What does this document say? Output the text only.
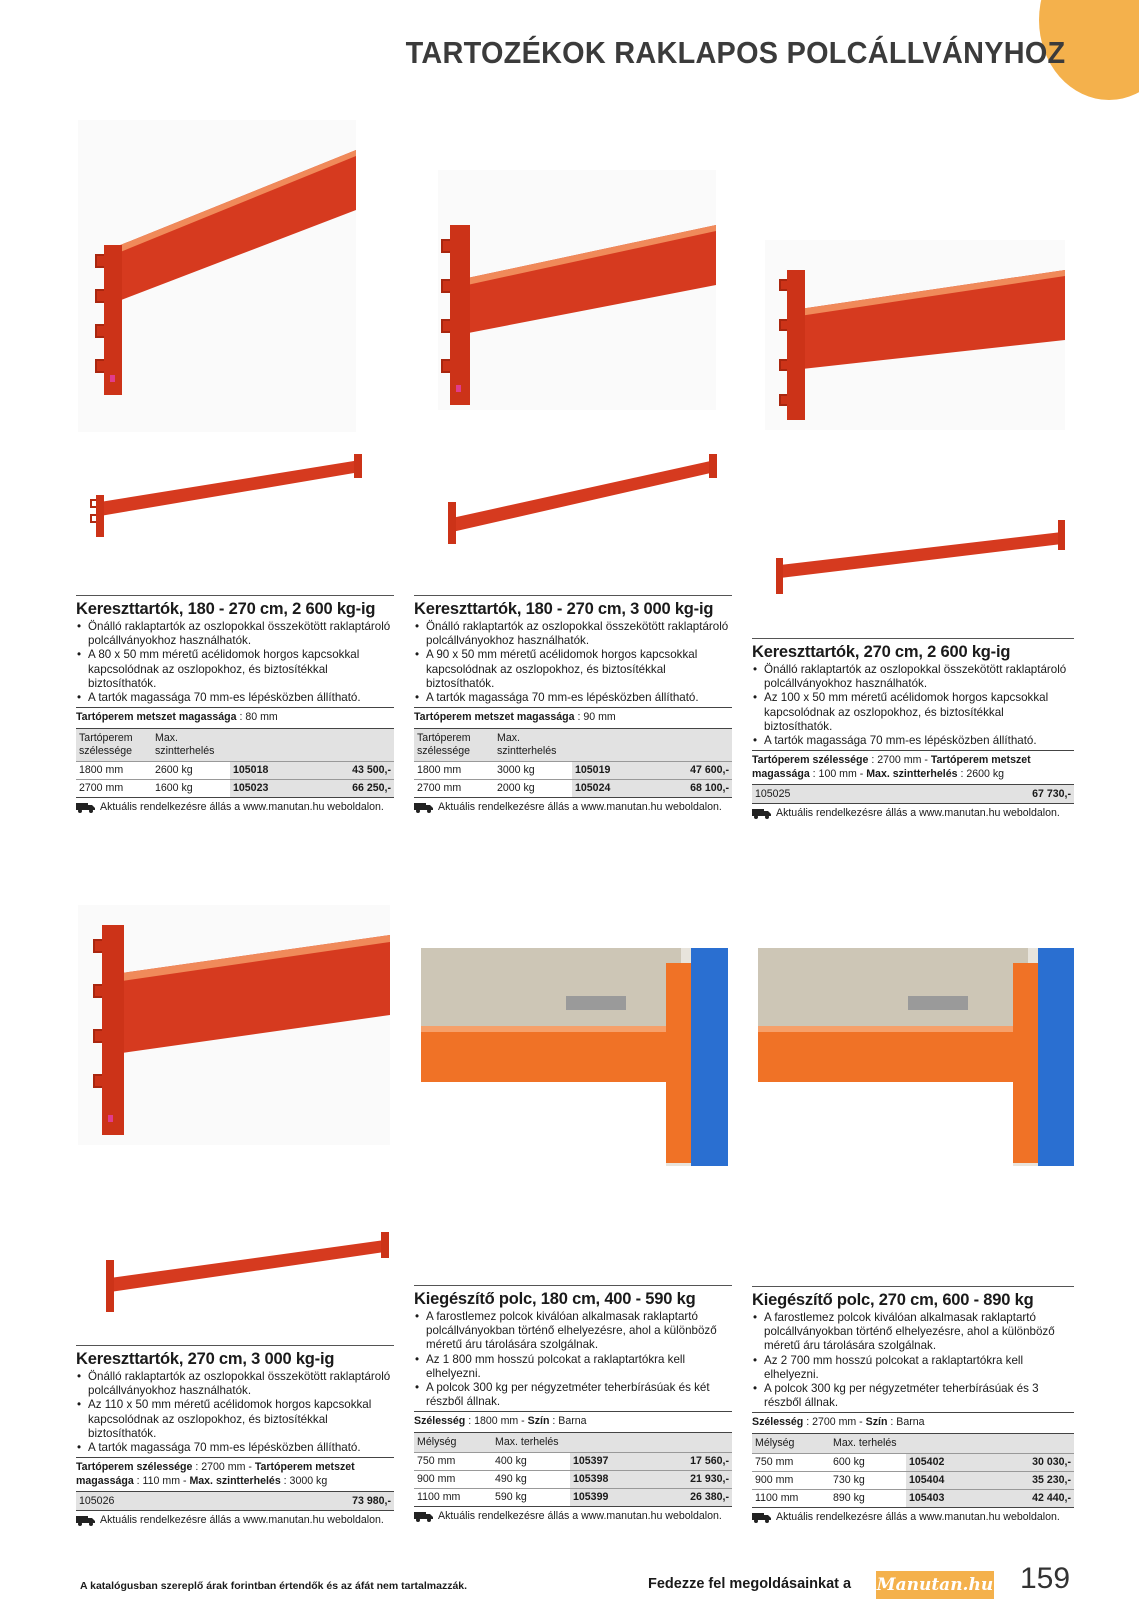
TARTOZÉKOK RAKLAPOS POLCÁLLVÁNYHOZ
Kereszttartók, 180 - 270 cm, 2 600 kg-ig
• Önálló raklaptartók az oszlopokkal összekötött raklaptároló polcállványokhoz használhatók.
• A 80 x 50 mm méretű acélidomok horgos kapcsokkal kapcsolódnak az oszlopokhoz, és biztosítékkal biztosíthatók.
• A tartók magassága 70 mm-es lépésközben állítható.
Tartóperem metszet magassága : 80 mm
Tartóperem szélessége	Max. szintterhelés		
1800 mm	2600 kg	105018	43 500,-
2700 mm	1600 kg	105023	66 250,-
Aktuális rendelkezésre állás a www.manutan.hu weboldalon.
Kereszttartók, 180 - 270 cm, 3 000 kg-ig
• Önálló raklaptartók az oszlopokkal összekötött raklaptároló polcállványokhoz használhatók.
• A 90 x 50 mm méretű acélidomok horgos kapcsokkal kapcsolódnak az oszlopokhoz, és biztosítékkal biztosíthatók.
• A tartók magassága 70 mm-es lépésközben állítható.
Tartóperem metszet magassága : 90 mm
Tartóperem szélessége	Max. szintterhelés		
1800 mm	3000 kg	105019	47 600,-
2700 mm	2000 kg	105024	68 100,-
Aktuális rendelkezésre állás a www.manutan.hu weboldalon.
Kereszttartók, 270 cm, 2 600 kg-ig
• Önálló raklaptartók az oszlopokkal összekötött raklaptároló polcállványokhoz használhatók.
• Az 100 x 50 mm méretű acélidomok horgos kapcsokkal kapcsolódnak az oszlopokhoz, és biztosítékkal biztosíthatók.
• A tartók magassága 70 mm-es lépésközben állítható.
Tartóperem szélessége : 2700 mm - Tartóperem metszet magassága : 100 mm - Max. szintterhelés : 2600 kg
105025	67 730,-
Aktuális rendelkezésre állás a www.manutan.hu weboldalon.
Kereszttartók, 270 cm, 3 000 kg-ig
• Önálló raklaptartók az oszlopokkal összekötött raklaptároló polcállványokhoz használhatók.
• Az 110 x 50 mm méretű acélidomok horgos kapcsokkal kapcsolódnak az oszlopokhoz, és biztosítékkal biztosíthatók.
• A tartók magassága 70 mm-es lépésközben állítható.
Tartóperem szélessége : 2700 mm - Tartóperem metszet magassága : 110 mm - Max. szintterhelés : 3000 kg
105026	73 980,-
Aktuális rendelkezésre állás a www.manutan.hu weboldalon.
Kiegészítő polc, 180 cm, 400 - 590 kg
• A farostlemez polcok kiválóan alkalmasak raklaptartó polcállványokban történő elhelyezésre, ahol a különböző méretű áru tárolására szolgálnak.
• Az 1 800 mm hosszú polcokat a raklaptartókra kell elhelyezni.
• A polcok 300 kg per négyzetméter teherbírásúak és két részből állnak.
Szélesség : 1800 mm - Szín : Barna
Mélység	Max. terhelés		
750 mm	400 kg	105397	17 560,-
900 mm	490 kg	105398	21 930,-
1100 mm	590 kg	105399	26 380,-
Aktuális rendelkezésre állás a www.manutan.hu weboldalon.
Kiegészítő polc, 270 cm, 600 - 890 kg
• A farostlemez polcok kiválóan alkalmasak raklaptartó polcállványokban történő elhelyezésre, ahol a különböző méretű áru tárolására szolgálnak.
• Az 2 700 mm hosszú polcokat a raklaptartókra kell elhelyezni.
• A polcok 300 kg per négyzetméter teherbírásúak és 3 részből állnak.
Szélesség : 2700 mm - Szín : Barna
Mélység	Max. terhelés		
750 mm	600 kg	105402	30 030,-
900 mm	730 kg	105404	35 230,-
1100 mm	890 kg	105403	42 440,-
Aktuális rendelkezésre állás a www.manutan.hu weboldalon.
A katalógusban szereplő árak forintban értendők és az áfát nem tartalmazzák.	Fedezze fel megoldásainkat a Manutan.hu 159
